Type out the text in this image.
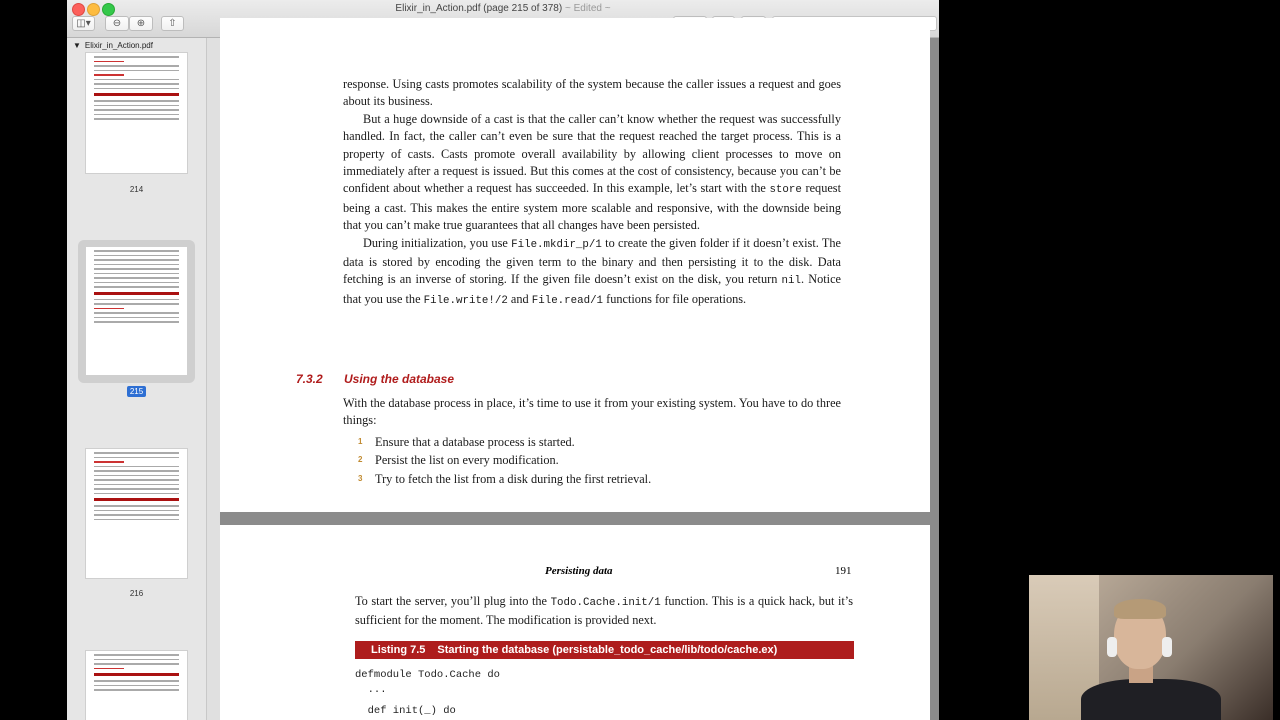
Elixir_in_Action.pdf (page 215 of 378) ~ Edited ~
◫▾ ⊖ ⊕ ⇧
▼ Elixir_in_Action.pdf
214
215
216

response. Using casts promotes scalability of the system because the caller issues a request and goes about its business.

But a huge downside of a cast is that the caller can’t know whether the request was successfully handled. In fact, the caller can’t even be sure that the request reached the target process. This is a property of casts. Casts promote overall availability by allowing client processes to move on immediately after a request is issued. But this comes at the cost of consistency, because you can’t be confident about whether a request has succeeded. In this example, let’s start with the store request being a cast. This makes the entire system more scalable and responsive, with the downside being that you can’t make true guarantees that all changes have been persisted.

During initialization, you use File.mkdir_p/1 to create the given folder if it doesn’t exist. The data is stored by encoding the given term to the binary and then persisting it to the disk. Data fetching is an inverse of storing. If the given file doesn’t exist on the disk, you return nil. Notice that you use the File.write!/2 and File.read/1 functions for file operations.

7.3.2 Using the database
With the database process in place, it’s time to use it from your existing system. You have to do three things:
1 Ensure that a database process is started.
2 Persist the list on every modification.
3 Try to fetch the list from a disk during the first retrieval.
Persisting data	191
To start the server, you’ll plug into the Todo.Cache.init/1 function. This is a quick hack, but it’s sufficient for the moment. The modification is provided next.
Listing 7.5 Starting the database (persistable_todo_cache/lib/todo/cache.ex)
defmodule Todo.Cache do
...
def init(_) do
